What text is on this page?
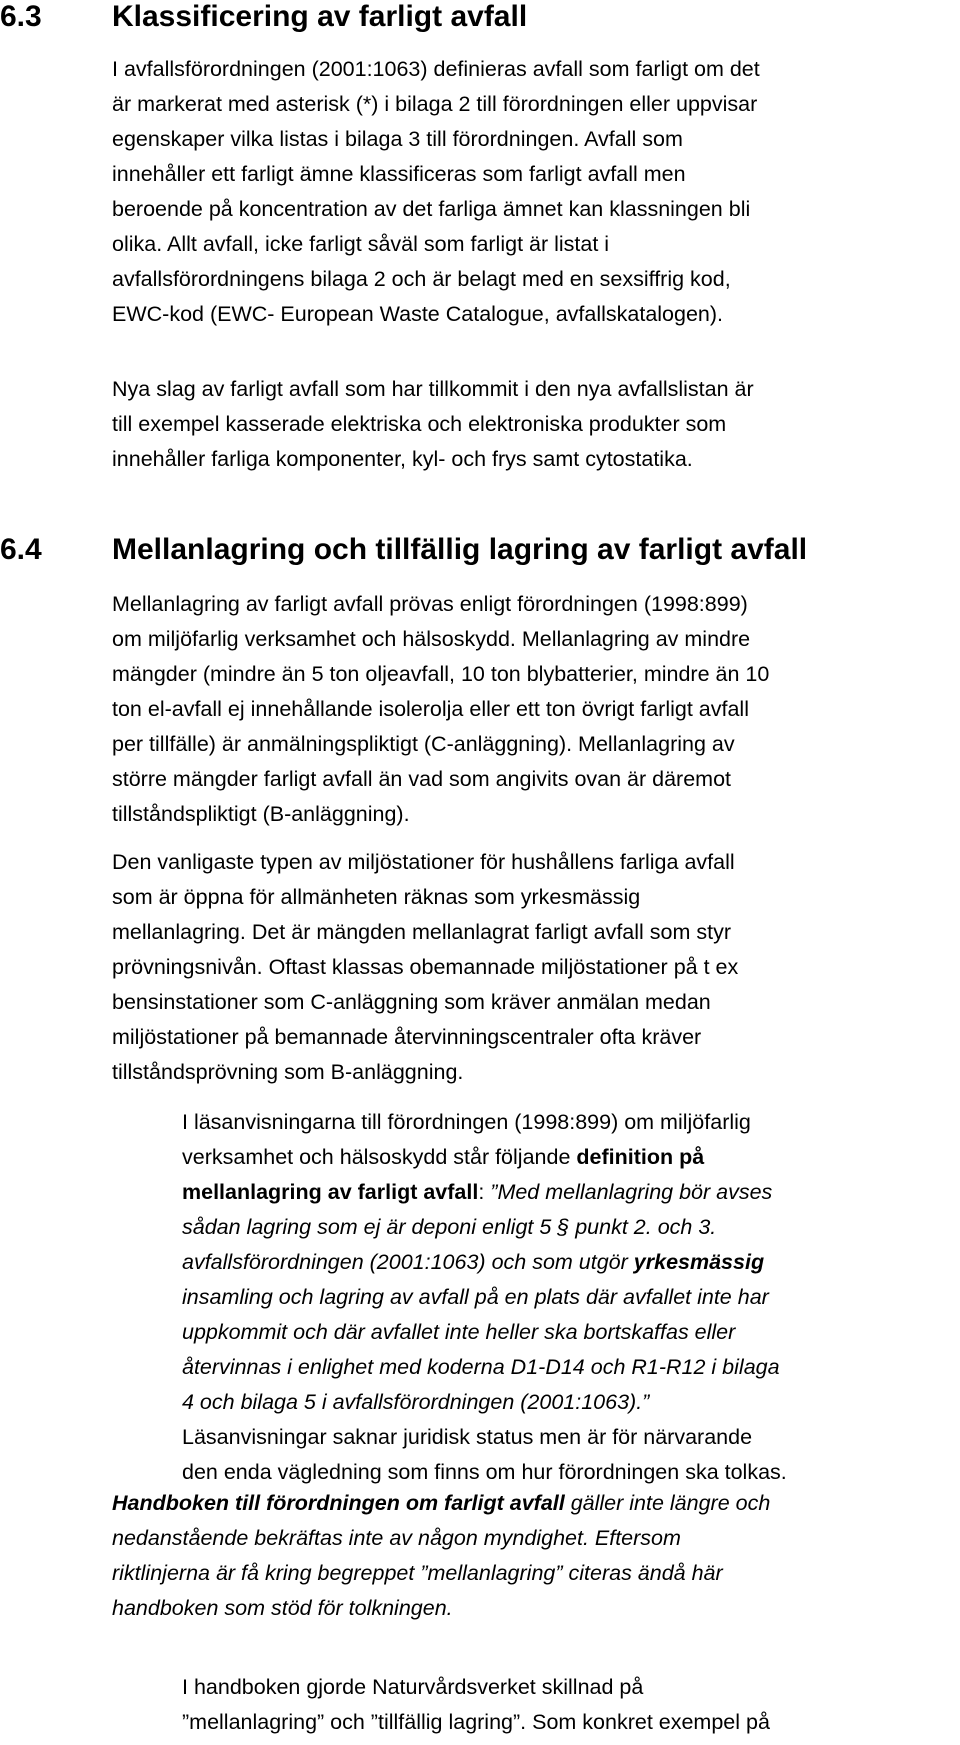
6.3 Klassificering av farligt avfall

I avfallsförordningen (2001:1063) definieras avfall som farligt om det
är markerat med asterisk (*) i bilaga 2 till förordningen eller uppvisar
egenskaper vilka listas i bilaga 3 till förordningen. Avfall som
innehåller ett farligt ämne klassificeras som farligt avfall men
beroende på koncentration av det farliga ämnet kan klassningen bli
olika. Allt avfall, icke farligt såväl som farligt är listat i
avfallsförordningens bilaga 2 och är belagt med en sexsiffrig kod,
EWC-kod (EWC- European Waste Catalogue, avfallskatalogen).

Nya slag av farligt avfall som har tillkommit i den nya avfallslistan är
till exempel kasserade elektriska och elektroniska produkter som
innehåller farliga komponenter, kyl- och frys samt cytostatika.

6.4 Mellanlagring och tillfällig lagring av farligt avfall

Mellanlagring av farligt avfall prövas enligt förordningen (1998:899)
om miljöfarlig verksamhet och hälsoskydd. Mellanlagring av mindre
mängder (mindre än 5 ton oljeavfall, 10 ton blybatterier, mindre än 10
ton el-avfall ej innehållande isolerolja eller ett ton övrigt farligt avfall
per tillfälle) är anmälningspliktigt (C-anläggning). Mellanlagring av
större mängder farligt avfall än vad som angivits ovan är däremot
tillståndspliktigt (B-anläggning).

Den vanligaste typen av miljöstationer för hushållens farliga avfall
som är öppna för allmänheten räknas som yrkesmässig
mellanlagring. Det är mängden mellanlagrat farligt avfall som styr
prövningsnivån. Oftast klassas obemannade miljöstationer på t ex
bensinstationer som C-anläggning som kräver anmälan medan
miljöstationer på bemannade återvinningscentraler ofta kräver
tillståndsprövning som B-anläggning.

I läsanvisningarna till förordningen (1998:899) om miljöfarlig
verksamhet och hälsoskydd står följande definition på
mellanlagring av farligt avfall: ”Med mellanlagring bör avses
sådan lagring som ej är deponi enligt 5 § punkt 2. och 3.
avfallsförordningen (2001:1063) och som utgör yrkesmässig
insamling och lagring av avfall på en plats där avfallet inte har
uppkommit och där avfallet inte heller ska bortskaffas eller
återvinnas i enlighet med koderna D1-D14 och R1-R12 i bilaga
4 och bilaga 5 i avfallsförordningen (2001:1063).”
Läsanvisningar saknar juridisk status men är för närvarande
den enda vägledning som finns om hur förordningen ska tolkas.

Handboken till förordningen om farligt avfall gäller inte längre och
nedanstående bekräftas inte av någon myndighet. Eftersom
riktlinjerna är få kring begreppet ”mellanlagring” citeras ändå här
handboken som stöd för tolkningen.

I handboken gjorde Naturvårdsverket skillnad på
”mellanlagring” och ”tillfällig lagring”. Som konkret exempel på
